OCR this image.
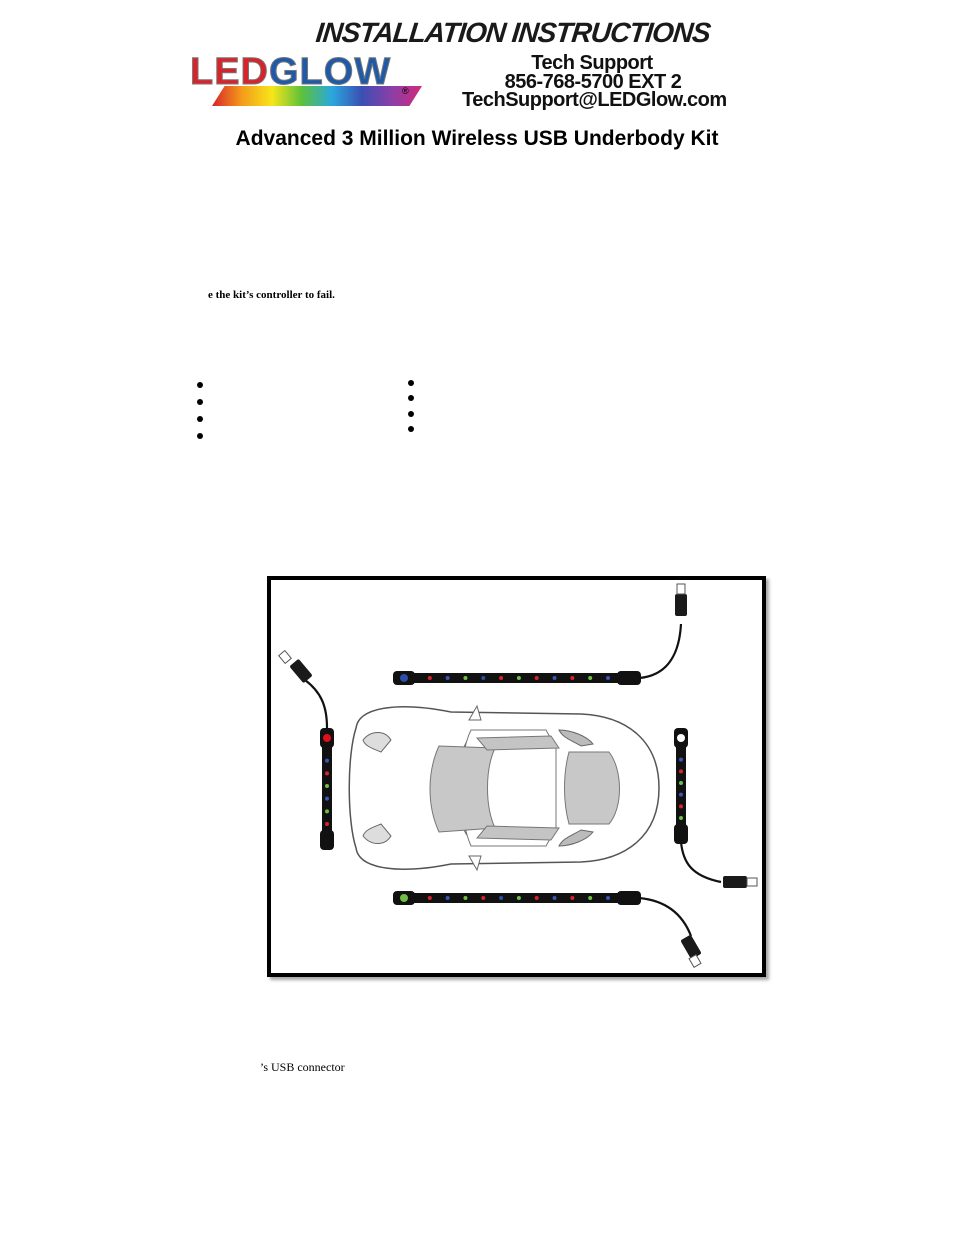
INSTALLATION INSTRUCTIONS
LEDGLOW	®
Tech Support
856-768-5700 EXT 2
TechSupport@LEDGlow.com
Advanced 3 Million Wireless USB Underbody Kit
e the kit’s controller to fail.
’s USB connector
